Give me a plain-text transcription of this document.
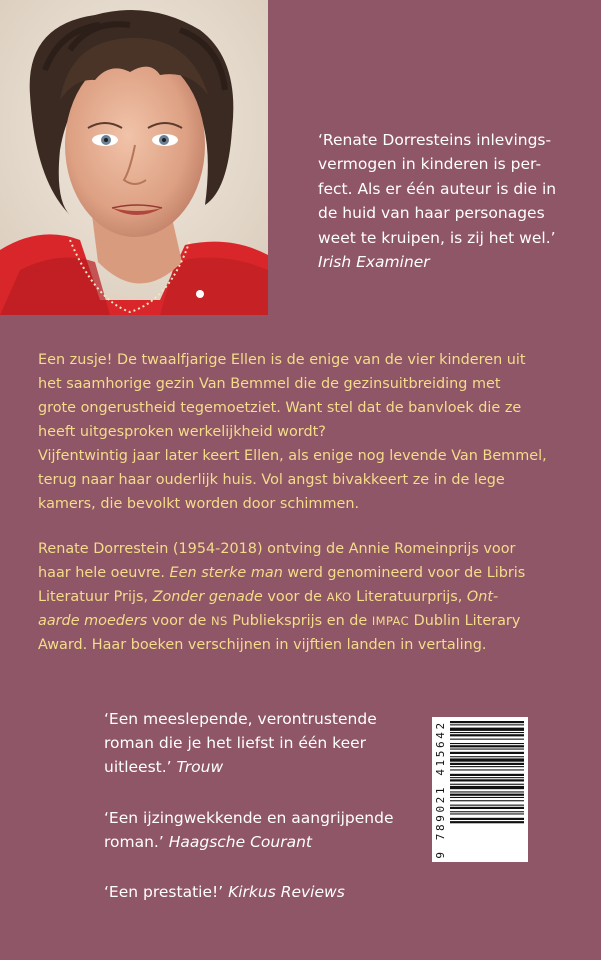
‘Renate Dorresteins inlevings-
vermogen in kinderen is per-
fect. Als er één auteur is die in
de huid van haar personages
weet te kruipen, is zij het wel.’
Irish Examiner
Een zusje! De twaalfjarige Ellen is de enige van de vier kinderen uit
het saamhorige gezin Van Bemmel die de gezinsuitbreiding met
grote ongerustheid tegemoetziet. Want stel dat de banvloek die ze
heeft uitgesproken werkelijkheid wordt?
Vijfentwintig jaar later keert Ellen, als enige nog levende Van Bemmel,
terug naar haar ouderlijk huis. Vol angst bivakkeert ze in de lege
kamers, die bevolkt worden door schimmen.
Renate Dorrestein (1954-2018) ontving de Annie Romeinprijs voor
haar hele oeuvre. Een sterke man werd genomineerd voor de Libris
Literatuur Prijs, Zonder genade voor de AKO Literatuurprijs, Ont-
aarde moeders voor de NS Publieksprijs en de IMPAC Dublin Literary
Award. Haar boeken verschijnen in vijftien landen in vertaling.
‘Een meeslepende, verontrustende
roman die je het liefst in één keer
uitleest.’ Trouw
‘Een ijzingwekkende en aangrijpende
roman.’ Haagsche Courant
‘Een prestatie!’ Kirkus Reviews
9 789021 415642
